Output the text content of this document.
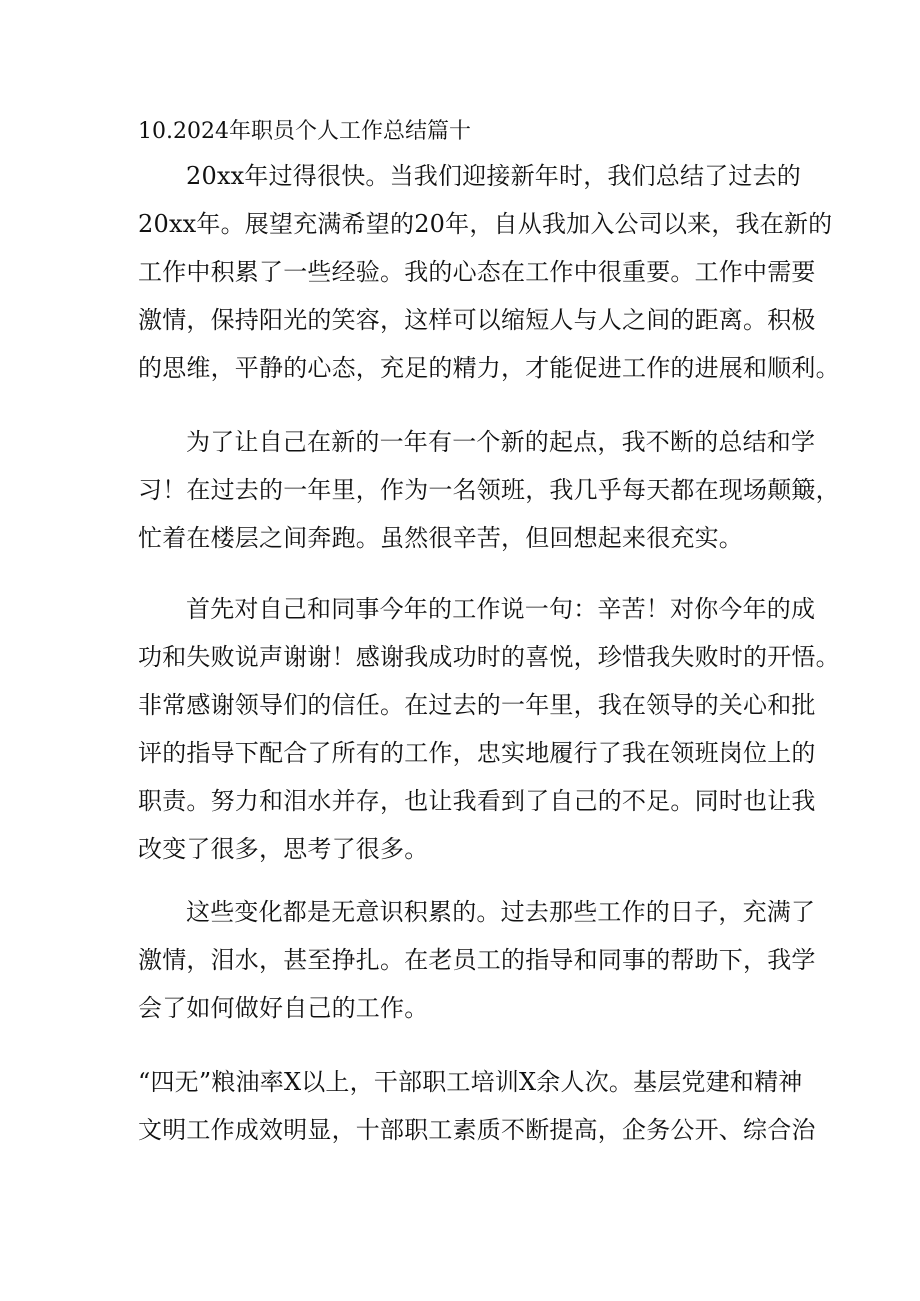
10.2024年职员个人工作总结篇十
20xx年过得很快。当我们迎接新年时，我们总结了过去的
20xx年。展望充满希望的20年，自从我加入公司以来，我在新的
工作中积累了一些经验。我的心态在工作中很重要。工作中需要
激情，保持阳光的笑容，这样可以缩短人与人之间的距离。积极
的思维，平静的心态，充足的精力，才能促进工作的进展和顺利。
为了让自己在新的一年有一个新的起点，我不断的总结和学
习！在过去的一年里，作为一名领班，我几乎每天都在现场颠簸，
忙着在楼层之间奔跑。虽然很辛苦，但回想起来很充实。
首先对自己和同事今年的工作说一句：辛苦！对你今年的成
功和失败说声谢谢！感谢我成功时的喜悦，珍惜我失败时的开悟。
非常感谢领导们的信任。在过去的一年里，我在领导的关心和批
评的指导下配合了所有的工作，忠实地履行了我在领班岗位上的
职责。努力和泪水并存，也让我看到了自己的不足。同时也让我
改变了很多，思考了很多。
这些变化都是无意识积累的。过去那些工作的日子，充满了
激情，泪水，甚至挣扎。在老员工的指导和同事的帮助下，我学
会了如何做好自己的工作。
“四无”粮油率X以上，干部职工培训X余人次。基层党建和精神
文明工作成效明显，十部职工素质不断提高，企务公开、综合治
